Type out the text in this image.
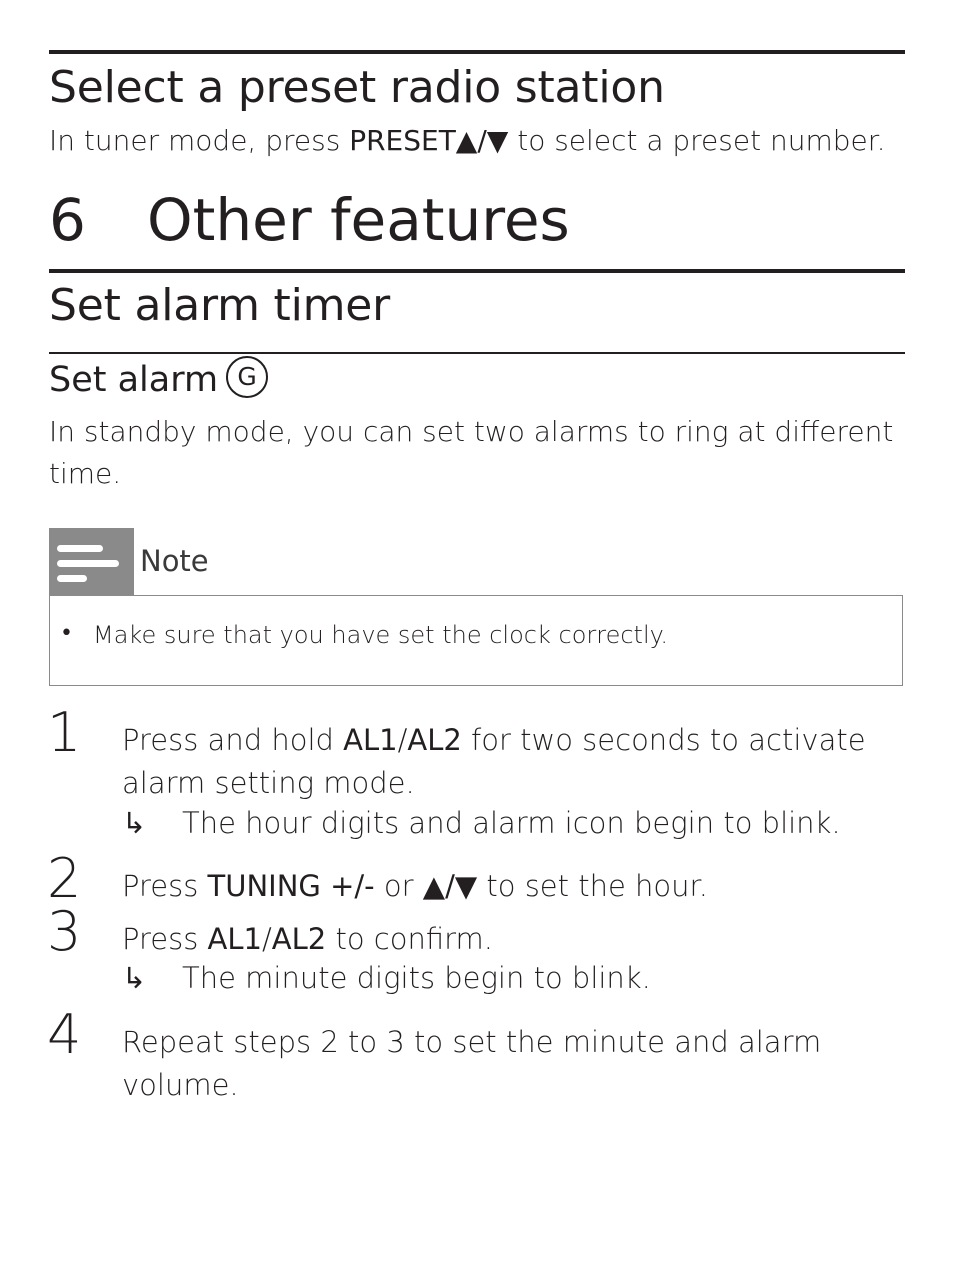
Select a preset radio station

In tuner mode, press PRESET▲/▼ to select a preset number.

6 Other features
Set alarm timer
Set alarm G

In standby mode, you can set two alarms to ring at different time.

Note
• Make sure that you have set the clock correctly.
1 Press and hold AL1/AL2 for two seconds to activate alarm setting mode.

↳ The hour digits and alarm icon begin to blink.
2 Press TUNING +/- or ▲/▼ to set the hour.

3 Press AL1/AL2 to confirm.

↳ The minute digits begin to blink.
4 Repeat steps 2 to 3 to set the minute and alarm volume.
